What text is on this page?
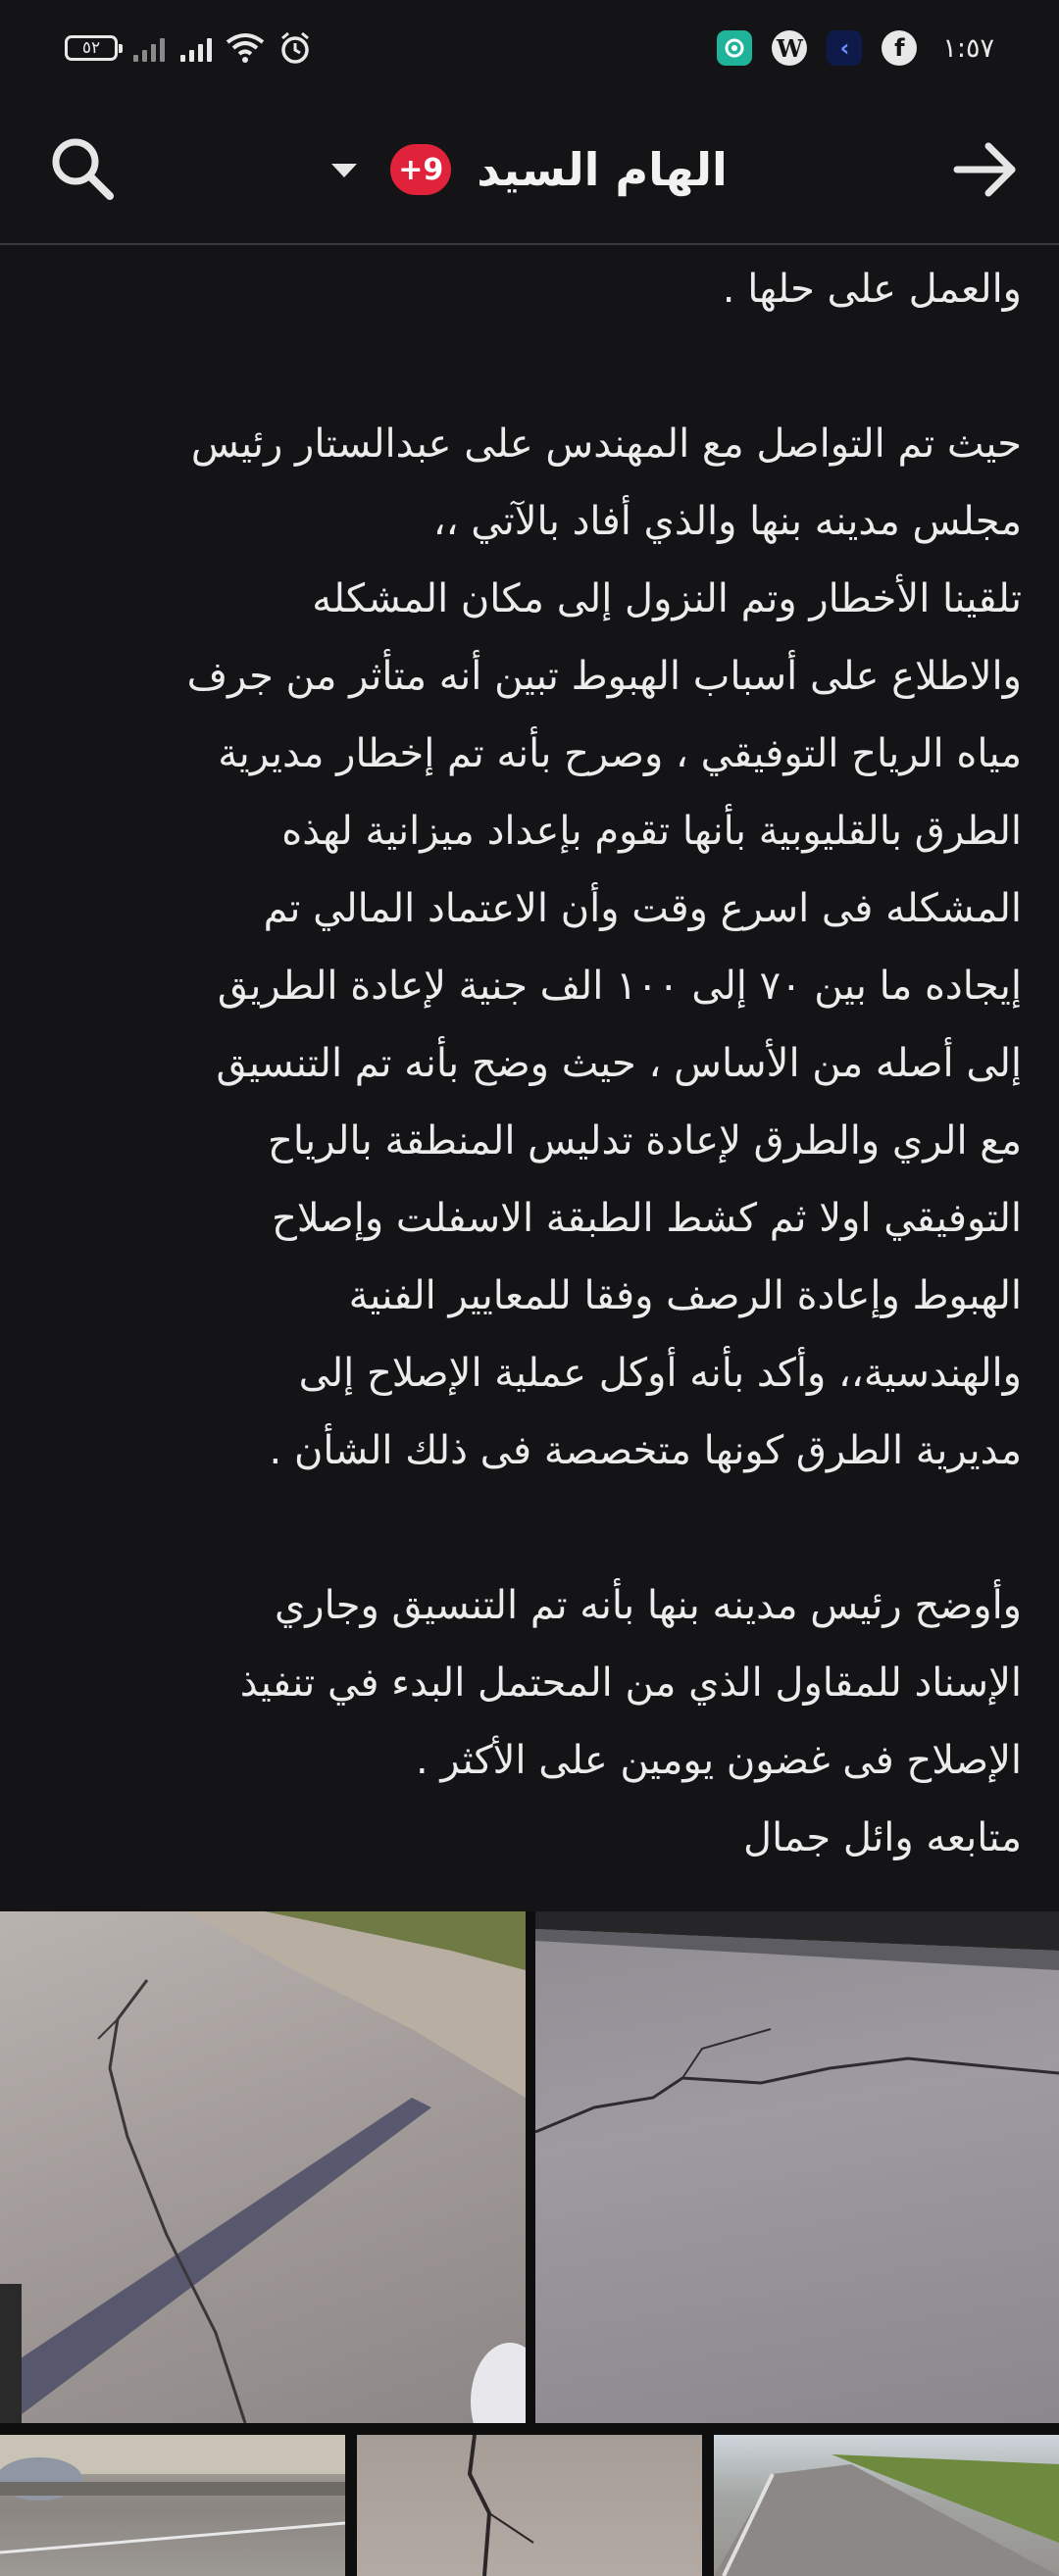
٥٢	W	‹	f	١:٥٧
+9 الهام السيد

والعمل على حلها .

حيث تم التواصل مع المهندس على عبدالستار رئيس

مجلس مدينه بنها والذي أفاد بالآتي ،،

تلقينا الأخطار وتم النزول إلى مكان المشكله

والاطلاع على أسباب الهبوط تبين أنه متأثر من جرف

مياه الرياح التوفيقي ، وصرح بأنه تم إخطار مديرية

الطرق بالقليوبية بأنها تقوم بإعداد ميزانية لهذه

المشكله فى اسرع وقت وأن الاعتماد المالي تم

إيجاده ما بين ٧٠ إلى ١٠٠ الف جنية لإعادة الطريق

إلى أصله من الأساس ، حيث وضح بأنه تم التنسيق

مع الري والطرق لإعادة تدليس المنطقة بالرياح

التوفيقي اولا ثم كشط الطبقة الاسفلت وإصلاح

الهبوط وإعادة الرصف وفقا للمعايير الفنية

والهندسية،، وأكد بأنه أوكل عملية الإصلاح إلى

مديرية الطرق كونها متخصصة فى ذلك الشأن .

وأوضح رئيس مدينه بنها بأنه تم التنسيق وجاري

الإسناد للمقاول الذي من المحتمل البدء في تنفيذ

الإصلاح فى غضون يومين على الأكثر .

متابعه وائل جمال
